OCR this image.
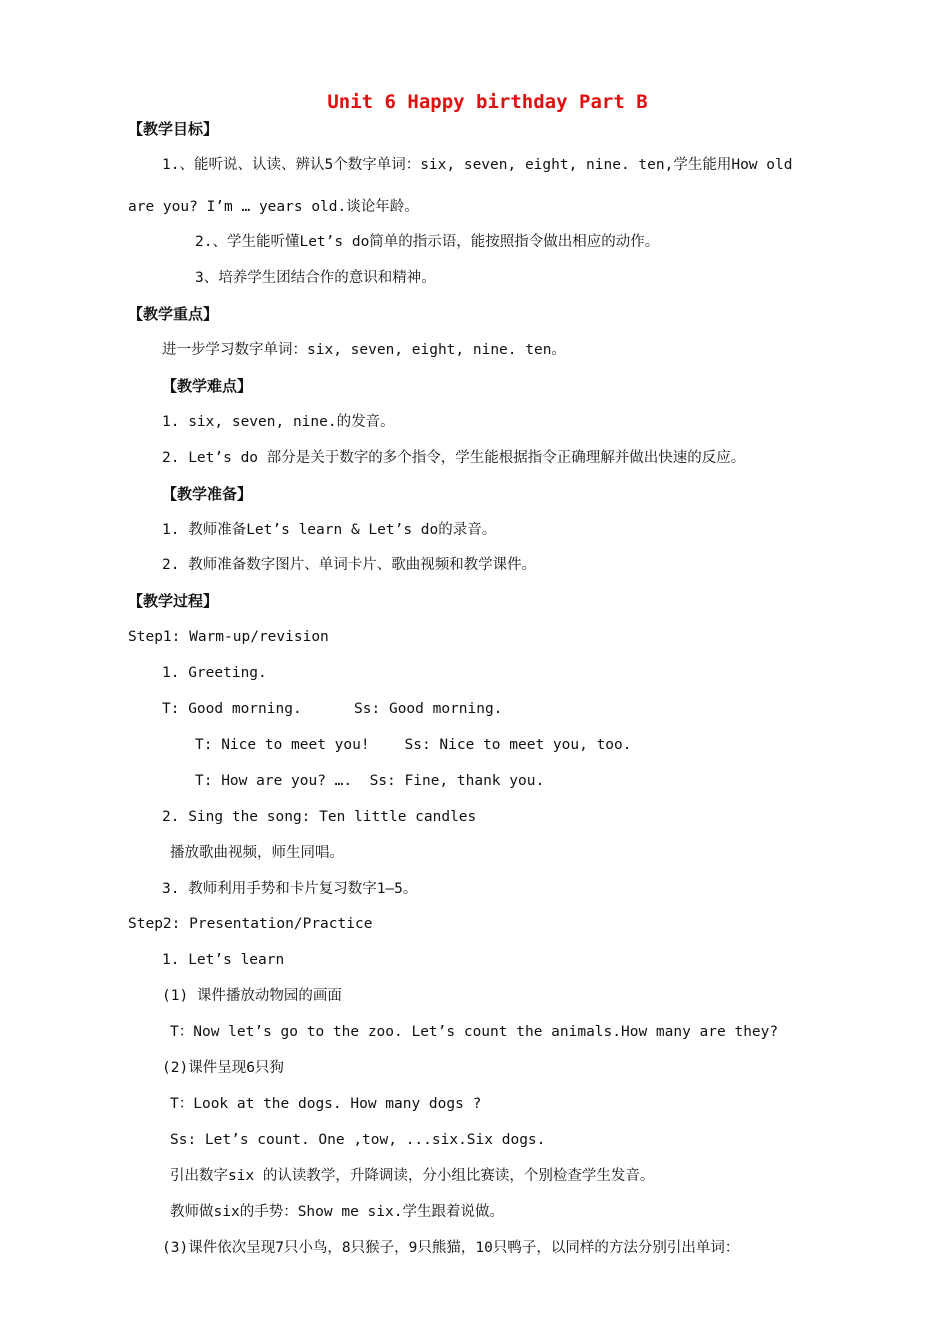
Unit 6 Happy birthday Part B
【教学目标】
1.、能听说、认读、辨认5个数字单词：six, seven, eight, nine. ten,学生能用How old
are you? I’m … years old.谈论年龄。
2.、学生能听懂Let’s do简单的指示语，能按照指令做出相应的动作。
3、培养学生团结合作的意识和精神。
【教学重点】
进一步学习数字单词：six, seven, eight, nine. ten。
【教学难点】
1. six, seven, nine.的发音。
2. Let’s do 部分是关于数字的多个指令，学生能根据指令正确理解并做出快速的反应。
【教学准备】
1. 教师准备Let’s learn & Let’s do的录音。
2. 教师准备数字图片、单词卡片、歌曲视频和教学课件。
【教学过程】
Step1: Warm-up/revision
1. Greeting.
T: Good morning.      Ss: Good morning.
T: Nice to meet you!    Ss: Nice to meet you, too.
T: How are you? ….  Ss: Fine, thank you.
2. Sing the song: Ten little candles
播放歌曲视频，师生同唱。
3. 教师利用手势和卡片复习数字1—5。
Step2: Presentation/Practice
1. Let’s learn
(1) 课件播放动物园的画面
T：Now let’s go to the zoo. Let’s count the animals.How many are they?
(2)课件呈现6只狗
T：Look at the dogs. How many dogs ?
Ss: Let’s count. One ,tow, ...six.Six dogs.
引出数字six 的认读教学，升降调读，分小组比赛读，个别检查学生发音。
教师做six的手势：Show me six.学生跟着说做。
(3)课件依次呈现7只小鸟，8只猴子，9只熊猫，10只鸭子，以同样的方法分别引出单词：
